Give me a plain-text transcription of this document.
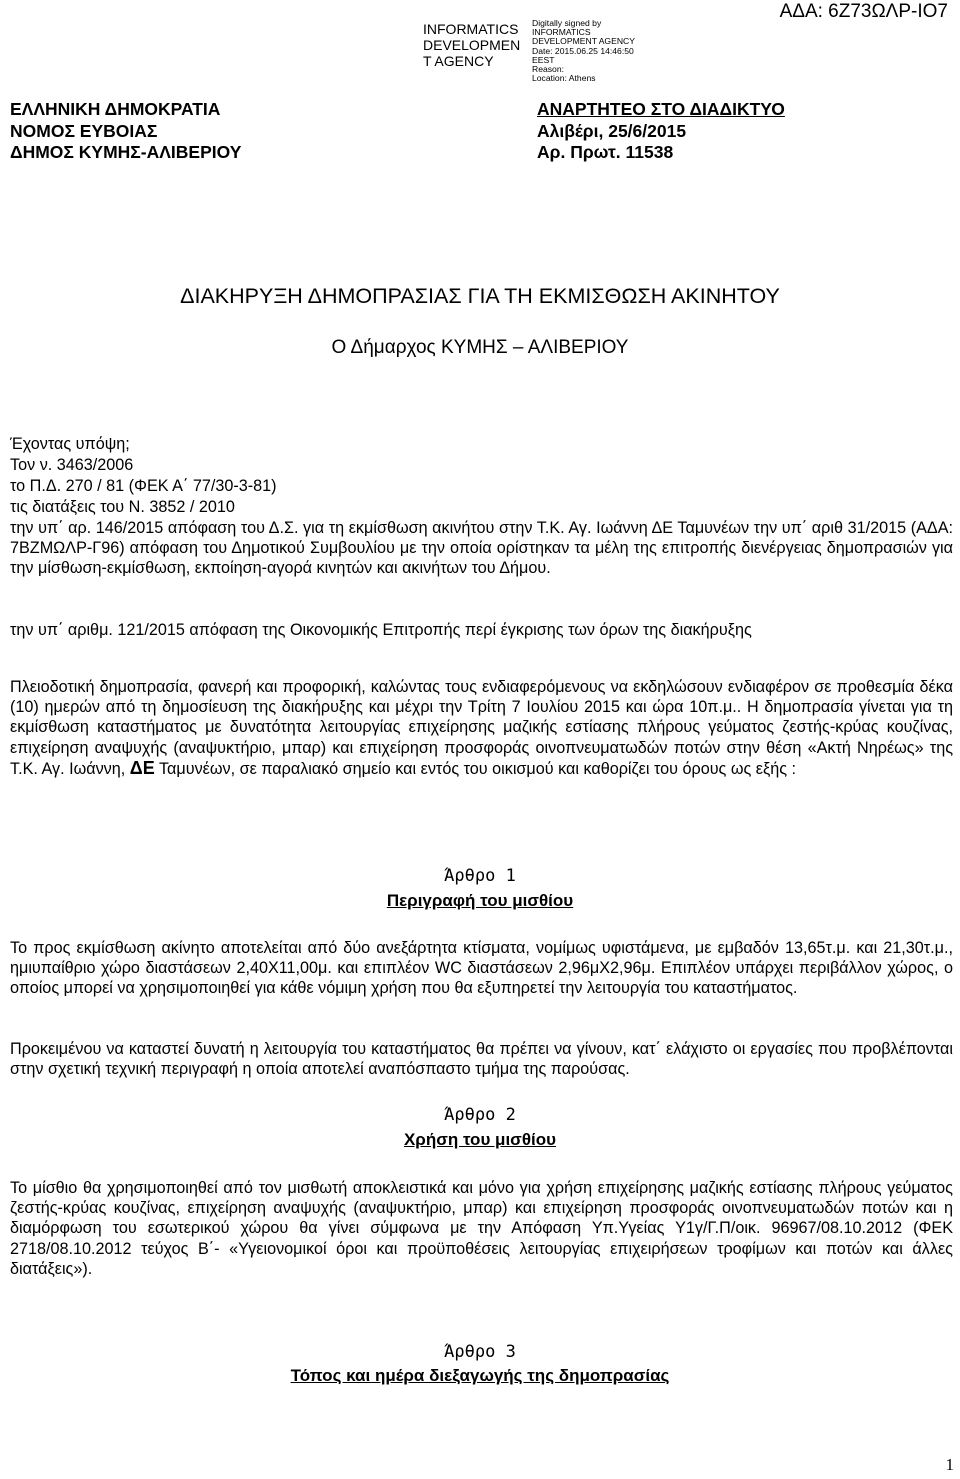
INFORMATICS
DEVELOPMEN
T AGENCY
Digitally signed by
INFORMATICS
DEVELOPMENT AGENCY
Date: 2015.06.25 14:46:50
EEST
Reason:
Location: Athens
ΑΔΑ: 6Ζ73ΩΛΡ-ΙΟ7
ΕΛΛΗΝΙΚΗ ΔΗΜΟΚΡΑΤΙΑ
ΝΟΜΟΣ ΕΥΒΟΙΑΣ
ΔΗΜΟΣ ΚΥΜΗΣ-ΑΛΙΒΕΡΙΟΥ
ΑΝΑΡΤΗΤΕΟ ΣΤΟ ΔΙΑΔΙΚΤΥΟ
Αλιβέρι, 25/6/2015
Αρ. Πρωτ. 11538
ΔΙΑΚΗΡΥΞΗ ΔΗΜΟΠΡΑΣΙΑΣ ΓΙΑ ΤΗ ΕΚΜΙΣΘΩΣΗ ΑΚΙΝΗΤΟΥ
Ο Δήμαρχος ΚΥΜΗΣ – ΑΛΙΒΕΡΙΟΥ
Έχοντας υπόψη;
Τον ν. 3463/2006
το Π.Δ. 270 / 81 (ΦΕΚ Α΄ 77/30-3-81)
τις διατάξεις του Ν. 3852 / 2010

την υπ΄ αρ. 146/2015 απόφαση του Δ.Σ. για τη εκμίσθωση ακινήτου στην Τ.Κ. Αγ. Ιωάννη ΔΕ Ταμυνέων την υπ΄ αριθ 31/2015 (ΑΔΑ: 7ΒΖΜΩΛΡ-Γ96) απόφαση του Δημοτικού Συμβουλίου με την οποία ορίστηκαν τα μέλη της επιτροπής διενέργειας δημοπρασιών για την μίσθωση-εκμίσθωση, εκποίηση-αγορά κινητών και ακινήτων του Δήμου.

την υπ΄ αριθμ. 121/2015 απόφαση της Οικονομικής Επιτροπής περί έγκρισης των όρων της διακήρυξης

Πλειοδοτική δημοπρασία, φανερή και προφορική, καλώντας τους ενδιαφερόμενους να εκδηλώσουν ενδιαφέρον σε προθεσμία δέκα (10) ημερών από τη δημοσίευση της διακήρυξης και μέχρι την Τρίτη 7 Ιουλίου 2015 και ώρα 10π.μ.. Η δημοπρασία γίνεται για τη εκμίσθωση καταστήματος με δυνατότητα λειτουργίας επιχείρησης μαζικής εστίασης πλήρους γεύματος ζεστής-κρύας κουζίνας, επιχείρηση αναψυχής (αναψυκτήριο, μπαρ) και επιχείρηση προσφοράς οινοπνευματωδών ποτών στην θέση «Ακτή Νηρέως» της Τ.Κ. Αγ. Ιωάννη, ΔΕ Ταμυνέων, σε παραλιακό σημείο και εντός του οικισμού και καθορίζει του όρους ως εξής :

Άρθρο 1
Περιγραφή του μισθίου

Το προς εκμίσθωση ακίνητο αποτελείται από δύο ανεξάρτητα κτίσματα, νομίμως υφιστάμενα, με εμβαδόν 13,65τ.μ. και 21,30τ.μ., ημιυπαίθριο χώρο διαστάσεων 2,40Χ11,00μ. και επιπλέον WC διαστάσεων 2,96μΧ2,96μ. Επιπλέον υπάρχει περιβάλλον χώρος, ο οποίος μπορεί να χρησιμοποιηθεί για κάθε νόμιμη χρήση που θα εξυπηρετεί την λειτουργία του καταστήματος.

Προκειμένου να καταστεί δυνατή η λειτουργία του καταστήματος θα πρέπει να γίνουν, κατ΄ ελάχιστο οι εργασίες που προβλέπονται στην σχετική τεχνική περιγραφή η οποία αποτελεί αναπόσπαστο τμήμα της παρούσας.

Άρθρο 2
Χρήση του μισθίου

Το μίσθιο θα χρησιμοποιηθεί από τον μισθωτή αποκλειστικά και μόνο για χρήση επιχείρησης μαζικής εστίασης πλήρους γεύματος ζεστής-κρύας κουζίνας, επιχείρηση αναψυχής (αναψυκτήριο, μπαρ) και επιχείρηση προσφοράς οινοπνευματωδών ποτών και η διαμόρφωση του εσωτερικού χώρου θα γίνει σύμφωνα με την Απόφαση Υπ.Υγείας Υ1γ/Γ.Π/οικ. 96967/08.10.2012 (ΦΕΚ 2718/08.10.2012 τεύχος Β΄- «Υγειονομικοί όροι και προϋποθέσεις λειτουργίας επιχειρήσεων τροφίμων και ποτών και άλλες διατάξεις»).

Άρθρο 3
Τόπος και ημέρα διεξαγωγής της δημοπρασίας
1
